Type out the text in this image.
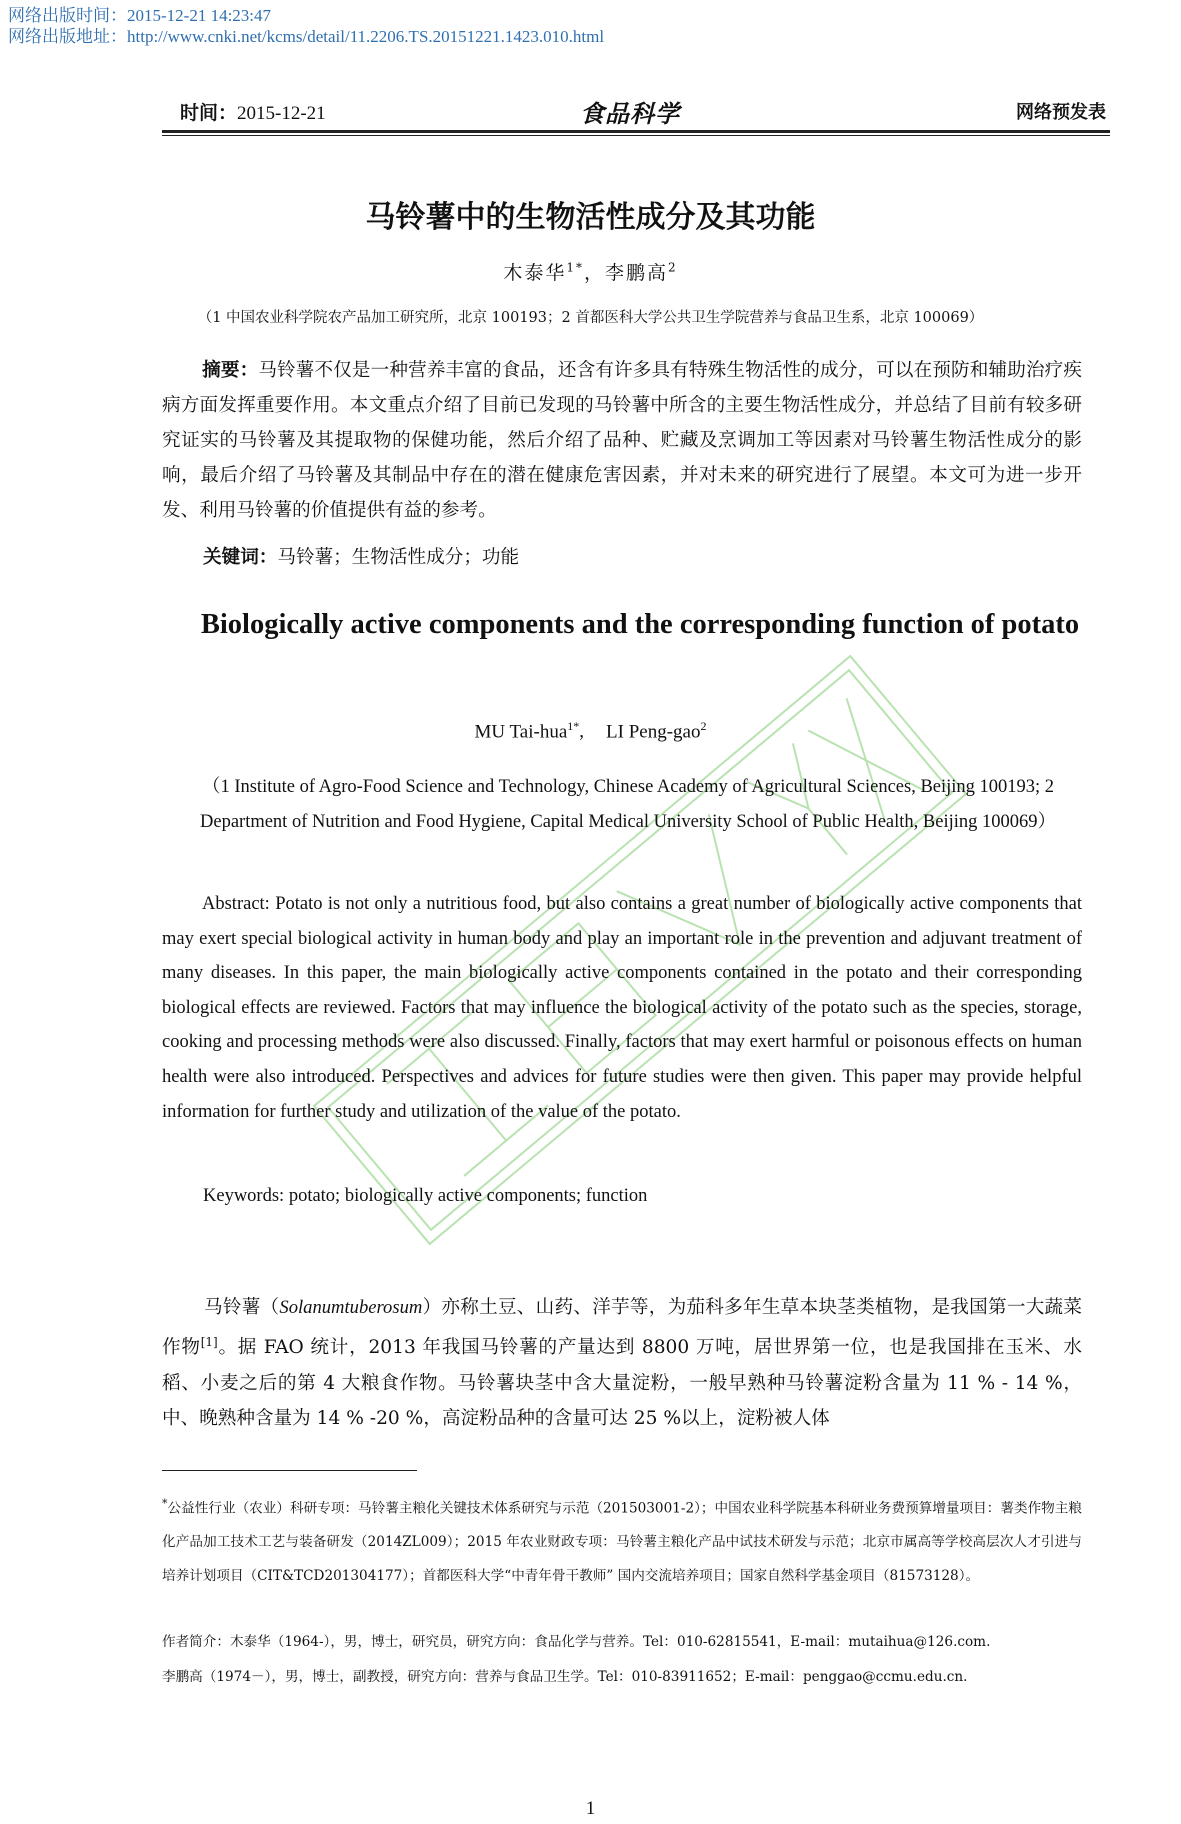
网络出版时间：2015-12-21 14:23:47
网络出版地址：http://www.cnki.net/kcms/detail/11.2206.TS.20151221.1423.010.html
时间：2015-12-21	食品科学	网络预发表
马铃薯中的生物活性成分及其功能
木泰华$^{1*}$，李鹏高$^2$
（1 中国农业科学院农产品加工研究所，北京 100193；2 首都医科大学公共卫生学院营养与食品卫生系，北京 100069）
摘要：马铃薯不仅是一种营养丰富的食品，还含有许多具有特殊生物活性的成分，可以在预防和辅助治疗疾病方面发挥重要作用。本文重点介绍了目前已发现的马铃薯中所含的主要生物活性成分，并总结了目前有较多研究证实的马铃薯及其提取物的保健功能，然后介绍了品种、贮藏及烹调加工等因素对马铃薯生物活性成分的影响，最后介绍了马铃薯及其制品中存在的潜在健康危害因素，并对未来的研究进行了展望。本文可为进一步开发、利用马铃薯的价值提供有益的参考。
关键词：马铃薯；生物活性成分；功能
Biologically active components and the corresponding function of potato
MU Tai-hua$^{1*}$, LI Peng-gao$^2$
（1 Institute of Agro-Food Science and Technology, Chinese Academy of Agricultural Sciences, Beijing 100193; 2 Department of Nutrition and Food Hygiene, Capital Medical University School of Public Health, Beijing 100069）
Abstract: Potato is not only a nutritious food, but also contains a great number of biologically active components that may exert special biological activity in human body and play an important role in the prevention and adjuvant treatment of many diseases. In this paper, the main biologically active components contained in the potato and their corresponding biological effects are reviewed. Factors that may influence the biological activity of the potato such as the species, storage, cooking and processing methods were also discussed. Finally, factors that may exert harmful or poisonous effects on human health were also introduced. Perspectives and advices for future studies were then given. This paper may provide helpful information for further study and utilization of the value of the potato.
Keywords: potato; biologically active components; function
马铃薯（Solanumtuberosum）亦称土豆、山药、洋芋等，为茄科多年生草本块茎类植物，是我国第一大蔬菜作物[1]。据 FAO 统计，2013 年我国马铃薯的产量达到 8800 万吨，居世界第一位，也是我国排在玉米、水稻、小麦之后的第 4 大粮食作物。马铃薯块茎中含大量淀粉，一般早熟种马铃薯淀粉含量为 11 % - 14 %，中、晚熟种含量为 14 % -20 %，高淀粉品种的含量可达 25 %以上，淀粉被人体
*公益性行业（农业）科研专项：马铃薯主粮化关键技术体系研究与示范（201503001-2）；中国农业科学院基本科研业务费预算增量项目：薯类作物主粮化产品加工技术工艺与装备研发（2014ZL009）；2015 年农业财政专项：马铃薯主粮化产品中试技术研发与示范；北京市属高等学校高层次人才引进与培养计划项目（CIT&TCD201304177）；首都医科大学“中青年骨干教师” 国内交流培养项目；国家自然科学基金项目（81573128）。
作者简介：木泰华（1964-），男，博士，研究员，研究方向：食品化学与营养。Tel：010-62815541，E-mail：mutaihua@126.com.
李鹏高（1974－），男，博士，副教授，研究方向：营养与食品卫生学。Tel：010-83911652；E-mail：penggao@ccmu.edu.cn.
1
